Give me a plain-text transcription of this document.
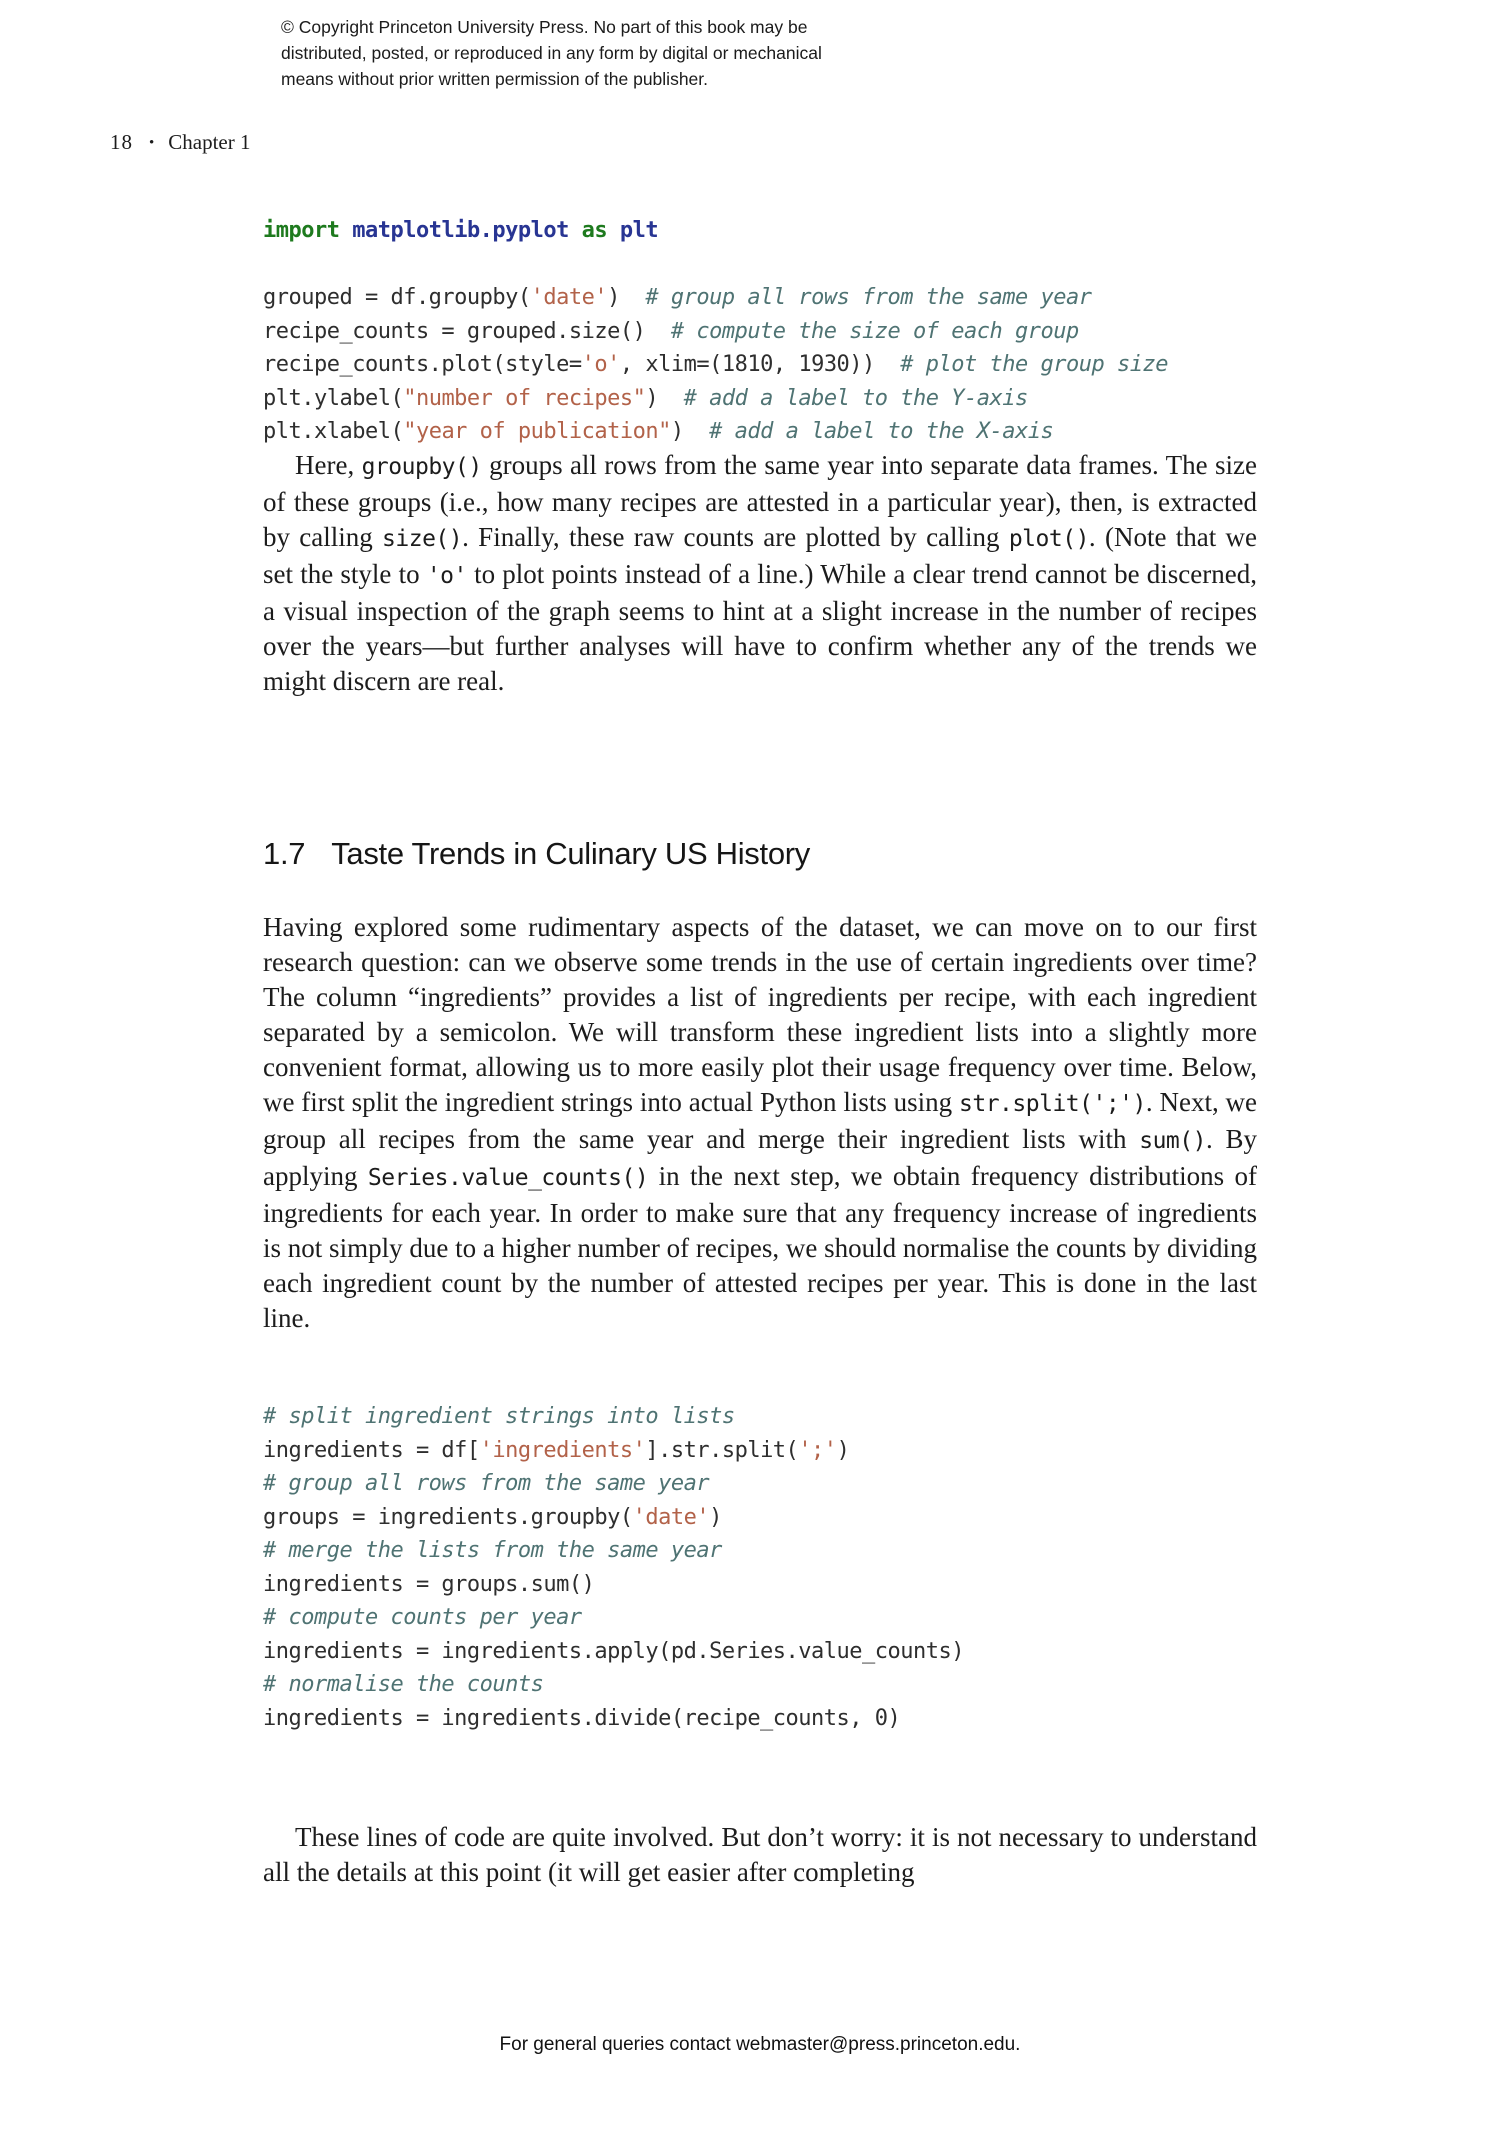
© Copyright Princeton University Press. No part of this book may be
distributed, posted, or reproduced in any form by digital or mechanical
means without prior written permission of the publisher.
18 • Chapter 1
import matplotlib.pyplot as plt

grouped = df.groupby('date')  # group all rows from the same year
recipe_counts = grouped.size()  # compute the size of each group
recipe_counts.plot(style='o', xlim=(1810, 1930))  # plot the group size
plt.ylabel("number of recipes")  # add a label to the Y-axis
plt.xlabel("year of publication")  # add a label to the X-axis

Here, groupby() groups all rows from the same year into separate data frames. The size of these groups (i.e., how many recipes are attested in a particular year), then, is extracted by calling size(). Finally, these raw counts are plotted by calling plot(). (Note that we set the style to 'o' to plot points instead of a line.) While a clear trend cannot be discerned, a visual inspection of the graph seems to hint at a slight increase in the number of recipes over the years—but further analyses will have to confirm whether any of the trends we might discern are real.

1.7 Taste Trends in Culinary US History

Having explored some rudimentary aspects of the dataset, we can move on to our first research question: can we observe some trends in the use of certain ingredients over time? The column “ingredients” provides a list of ingredients per recipe, with each ingredient separated by a semicolon. We will transform these ingredient lists into a slightly more convenient format, allowing us to more easily plot their usage frequency over time. Below, we first split the ingredient strings into actual Python lists using str.split(';'). Next, we group all recipes from the same year and merge their ingredient lists with sum(). By applying Series.value_counts() in the next step, we obtain frequency distributions of ingredients for each year. In order to make sure that any frequency increase of ingredients is not simply due to a higher number of recipes, we should normalise the counts by dividing each ingredient count by the number of attested recipes per year. This is done in the last line.

# split ingredient strings into lists
ingredients = df['ingredients'].str.split(';')
# group all rows from the same year
groups = ingredients.groupby('date')
# merge the lists from the same year
ingredients = groups.sum()
# compute counts per year
ingredients = ingredients.apply(pd.Series.value_counts)
# normalise the counts
ingredients = ingredients.divide(recipe_counts, 0)

These lines of code are quite involved. But don’t worry: it is not necessary to understand all the details at this point (it will get easier after completing

For general queries contact webmaster@press.princeton.edu.
